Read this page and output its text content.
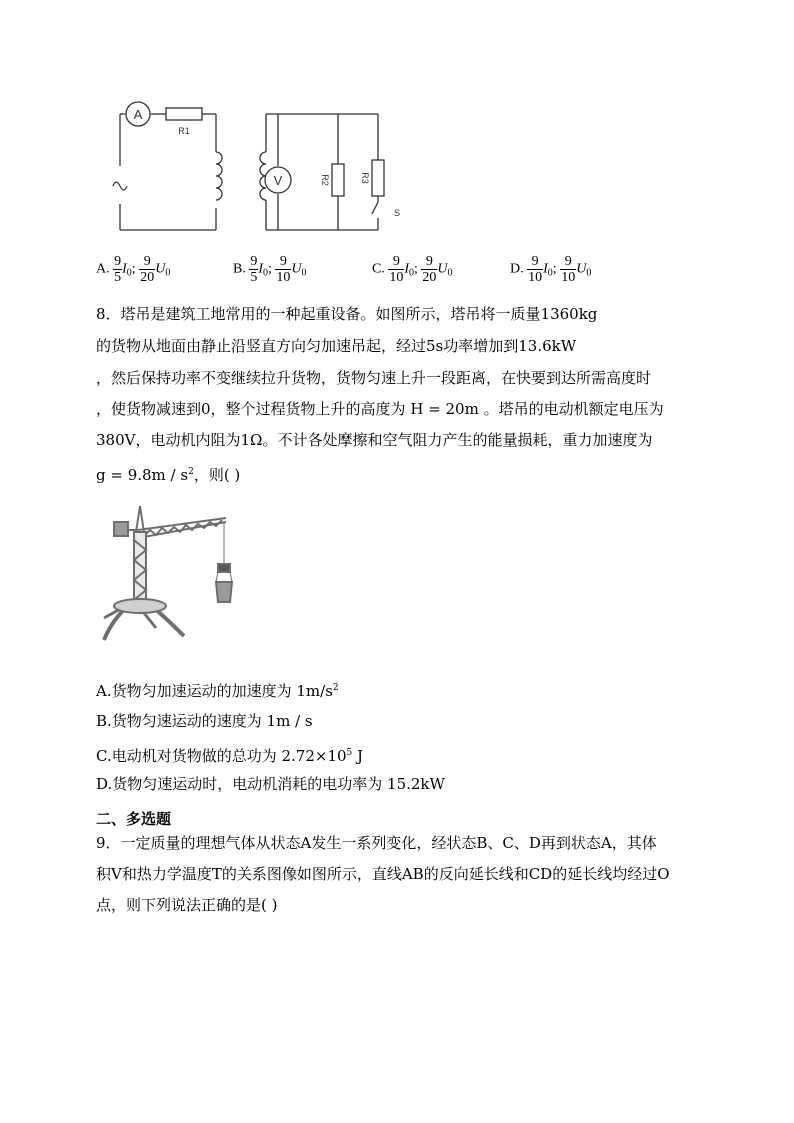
A
R1
V	R2	R3
S
A. $\frac{9}{5} I_0$; $\frac{9}{20} U_0$	B. $\frac{9}{5} I_0$; $\frac{9}{10} U_0$	C. $\frac{9}{10} I_0$; $\frac{9}{20} U_0$	D. $\frac{9}{10} I_0$; $\frac{9}{10} U_0$
8．塔吊是建筑工地常用的一种起重设备。如图所示，塔吊将一质量1360kg
的货物从地面由静止沿竖直方向匀加速吊起，经过5s功率增加到13.6kW
，然后保持功率不变继续拉升货物，货物匀速上升一段距离，在快要到达所需高度时
，使货物减速到0，整个过程货物上升的高度为 H = 20m 。塔吊的电动机额定电压为
380V，电动机内阻为1Ω。不计各处摩擦和空气阻力产生的能量损耗，重力加速度为
$g = 9.8m / s^2$，则( )
A.货物匀加速运动的加速度为 $1m/s^2$
B.货物匀速运动的速度为 1m / s
C.电动机对货物做的总功为 $2.72\times 10^5$ J
D.货物匀速运动时，电动机消耗的电功率为 15.2kW
二、多选题
9．一定质量的理想气体从状态A发生一系列变化，经状态B、C、D再到状态A，其体
积V和热力学温度T的关系图像如图所示，直线AB的反向延长线和CD的延长线均经过O
点，则下列说法正确的是( )
